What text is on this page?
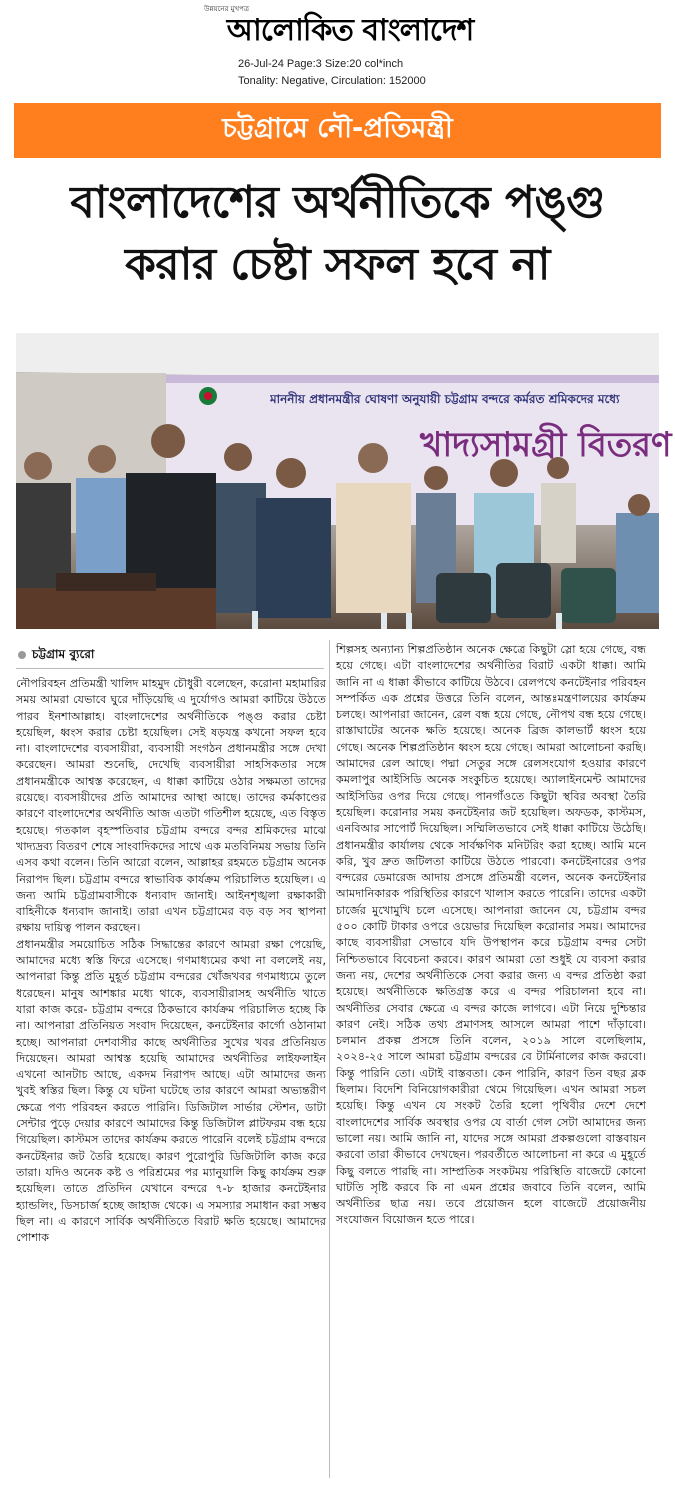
উন্নয়নের মুখপত্র
আলোকিত বাংলাদেশ
26-Jul-24 Page:3 Size:20 col*inch
Tonality: Negative, Circulation: 152000
চট্টগ্রামে নৌ-প্রতিমন্ত্রী
বাংলাদেশের অর্থনীতিকে পঙ্গু
করার চেষ্টা সফল হবে না
মাননীয় প্রধানমন্ত্রীর ঘোষণা অনুযায়ী চট্টগ্রাম বন্দরে কর্মরত শ্রমিকদের মধ্যে
খাদ্যসামগ্রী বিতরণ
চট্টগ্রাম ব্যুরো

নৌপরিবহন প্রতিমন্ত্রী খালিদ মাহমুদ চৌধুরী বলেছেন, করোনা মহামারির সময় আমরা যেভাবে ঘুরে দাঁড়িয়েছি এ দুর্যোগও আমরা কাটিয়ে উঠতে পারব ইনশাআল্লাহ। বাংলাদেশের অর্থনীতিকে পঙ্গু করার চেষ্টা হয়েছিল, ধ্বংস করার চেষ্টা হয়েছিল। সেই ষড়যন্ত্র কখনো সফল হবে না। বাংলাদেশের ব্যবসায়ীরা, ব্যবসায়ী সংগঠন প্রধানমন্ত্রীর সঙ্গে দেখা করেছেন। আমরা শুনেছি, দেখেছি ব্যবসায়ীরা সাহসিকতার সঙ্গে প্রধানমন্ত্রীকে আশ্বস্ত করেছেন, এ ধাক্কা কাটিয়ে ওঠার সক্ষমতা তাদের রয়েছে। ব্যবসায়ীদের প্রতি আমাদের আস্থা আছে। তাদের কর্মকাণ্ডের কারণে বাংলাদেশের অর্থনীতি আজ এতটা গতিশীল হয়েছে, এত বিস্তৃত হয়েছে। গতকাল বৃহস্পতিবার চট্টগ্রাম বন্দরে বন্দর শ্রমিকদের মাঝে খাদ্যদ্রব্য বিতরণ শেষে সাংবাদিকদের সাথে এক মতবিনিময় সভায় তিনি এসব কথা বলেন। তিনি আরো বলেন, আল্লাহর রহমতে চট্টগ্রাম অনেক নিরাপদ ছিল। চট্টগ্রাম বন্দরে স্বাভাবিক কার্যক্রম পরিচালিত হয়েছিল। এ জন্য আমি চট্টগ্রামবাসীকে ধন্যবাদ জানাই। আইনশৃঙ্খলা রক্ষাকারী বাহিনীকে ধন্যবাদ জানাই। তারা এখন চট্টগ্রামের বড় বড় সব স্থাপনা রক্ষায় দায়িত্ব পালন করছেন।

প্রধানমন্ত্রীর সময়োচিত সঠিক সিদ্ধান্তের কারণে আমরা রক্ষা পেয়েছি, আমাদের মধ্যে স্বস্তি ফিরে এসেছে। গণমাধ্যমের কথা না বললেই নয়, আপনারা কিন্তু প্রতি মুহূর্ত চট্টগ্রাম বন্দরের খোঁজখবর গণমাধ্যমে তুলে ধরেছেন। মানুষ আশঙ্কার মধ্যে থাকে, ব্যবসায়ীরাসহ অর্থনীতি খাতে যারা কাজ করে- চট্টগ্রাম বন্দরে ঠিকভাবে কার্যক্রম পরিচালিত হচ্ছে কি না। আপনারা প্রতিনিয়ত সংবাদ দিয়েছেন, কনটেইনার কার্গো ওঠানামা হচ্ছে। আপনারা দেশবাসীর কাছে অর্থনীতির সুখের খবর প্রতিনিয়ত দিয়েছেন। আমরা আশ্বস্ত হয়েছি আমাদের অর্থনীতির লাইফলাইন এখনো আনটাচ আছে, একদম নিরাপদ আছে। এটা আমাদের জন্য খুবই স্বস্তির ছিল। কিন্তু যে ঘটনা ঘটেছে তার কারণে আমরা অভ্যন্তরীণ ক্ষেত্রে পণ্য পরিবহন করতে পারিনি। ডিজিটাল সার্ভার স্টেশন, ডাটা সেন্টার পুড়ে দেয়ার কারণে আমাদের কিন্তু ডিজিটাল প্লাটফরম বন্ধ হয়ে গিয়েছিল। কাস্টমস তাদের কার্যক্রম করতে পারেনি বলেই চট্টগ্রাম বন্দরে কনটেইনার জট তৈরি হয়েছে। কারণ পুরোপুরি ডিজিটালি কাজ করে তারা। যদিও অনেক কষ্ট ও পরিশ্রমের পর ম্যানুয়ালি কিছু কার্যক্রম শুরু হয়েছিল। তাতে প্রতিদিন যেখানে বন্দরে ৭-৮ হাজার কনটেইনার হ্যান্ডলিং, ডিসচার্জ হচ্ছে জাহাজ থেকে। এ সমস্যার সমাধান করা সম্ভব ছিল না। এ কারণে সার্বিক অর্থনীতিতে বিরাট ক্ষতি হয়েছে। আমাদের পোশাক

শিল্পসহ অন্যান্য শিল্পপ্রতিষ্ঠান অনেক ক্ষেত্রে কিছুটা স্লো হয়ে গেছে, বন্ধ হয়ে গেছে। এটা বাংলাদেশের অর্থনীতির বিরাট একটা ধাক্কা। আমি জানি না এ ধাক্কা কীভাবে কাটিয়ে উঠবে। রেলপথে কনটেইনার পরিবহন সম্পর্কিত এক প্রশ্নের উত্তরে তিনি বলেন, আন্তঃমন্ত্রণালয়ের কার্যক্রম চলছে। আপনারা জানেন, রেল বন্ধ হয়ে গেছে, নৌপথ বন্ধ হয়ে গেছে। রাস্তাঘাটের অনেক ক্ষতি হয়েছে। অনেক ব্রিজ কালভার্ট ধ্বংস হয়ে গেছে। অনেক শিল্পপ্রতিষ্ঠান ধ্বংস হয়ে গেছে। আমরা আলোচনা করছি। আমাদের রেল আছে। পদ্মা সেতুর সঙ্গে রেলসংযোগ হওয়ার কারণে কমলাপুর আইসিডি অনেক সংকুচিত হয়েছে। অ্যালাইনমেন্ট আমাদের আইসিডির ওপর দিয়ে গেছে। পানগাঁওতে কিছুটা স্থবির অবস্থা তৈরি হয়েছিল। করোনার সময় কনটেইনার জট হয়েছিল। অফডক, কাস্টমস, এনবিআর সাপোর্ট দিয়েছিল। সম্মিলিতভাবে সেই ধাক্কা কাটিয়ে উঠেছি। প্রধানমন্ত্রীর কার্যালয় থেকে সার্বক্ষণিক মনিটরিং করা হচ্ছে। আমি মনে করি, খুব দ্রুত জটিলতা কাটিয়ে উঠতে পারবো। কনটেইনারের ওপর বন্দরের ডেমারেজ আদায় প্রসঙ্গে প্রতিমন্ত্রী বলেন, অনেক কনটেইনার আমদানিকারক পরিস্থিতির কারণে খালাস করতে পারেনি। তাদের একটা চার্জের মুখোমুখি চলে এসেছে। আপনারা জানেন যে, চট্টগ্রাম বন্দর ৫০০ কোটি টাকার ওপরে ওয়েভার দিয়েছিল করোনার সময়। আমাদের কাছে ব্যবসায়ীরা সেভাবে যদি উপস্থাপন করে চট্টগ্রাম বন্দর সেটা নিশ্চিতভাবে বিবেচনা করবে। কারণ আমরা তো শুধুই যে ব্যবসা করার জন্য নয়, দেশের অর্থনীতিকে সেবা করার জন্য এ বন্দর প্রতিষ্ঠা করা হয়েছে। অর্থনীতিকে ক্ষতিগ্রস্ত করে এ বন্দর পরিচালনা হবে না। অর্থনীতির সেবার ক্ষেত্রে এ বন্দর কাজে লাগবে। এটা নিয়ে দুশ্চিন্তার কারণ নেই। সঠিক তথ্য প্রমাণসহ আসলে আমরা পাশে দাঁড়াবো। চলমান প্রকল্প প্রসঙ্গে তিনি বলেন, ২০১৯ সালে বলেছিলাম, ২০২৪-২৫ সালে আমরা চট্টগ্রাম বন্দরের বে টার্মিনালের কাজ করবো। কিন্তু পারিনি তো। এটাই বাস্তবতা। কেন পারিনি, কারণ তিন বছর ব্লক ছিলাম। বিদেশি বিনিয়োগকারীরা থেমে গিয়েছিল। এখন আমরা সচল হয়েছি। কিন্তু এখন যে সংকট তৈরি হলো পৃথিবীর দেশে দেশে বাংলাদেশের সার্বিক অবস্থার ওপর যে বার্তা গেল সেটা আমাদের জন্য ভালো নয়। আমি জানি না, যাদের সঙ্গে আমরা প্রকল্পগুলো বাস্তবায়ন করবো তারা কীভাবে দেখছেন। পরবর্তীতে আলোচনা না করে এ মুহূর্তে কিছু বলতে পারছি না। সাম্প্রতিক সংকটময় পরিস্থিতি বাজেটে কোনো ঘাটতি সৃষ্টি করবে কি না এমন প্রশ্নের জবাবে তিনি বলেন, আমি অর্থনীতির ছাত্র নয়। তবে প্রয়োজন হলে বাজেটে প্রয়োজনীয় সংযোজন বিয়োজন হতে পারে।
